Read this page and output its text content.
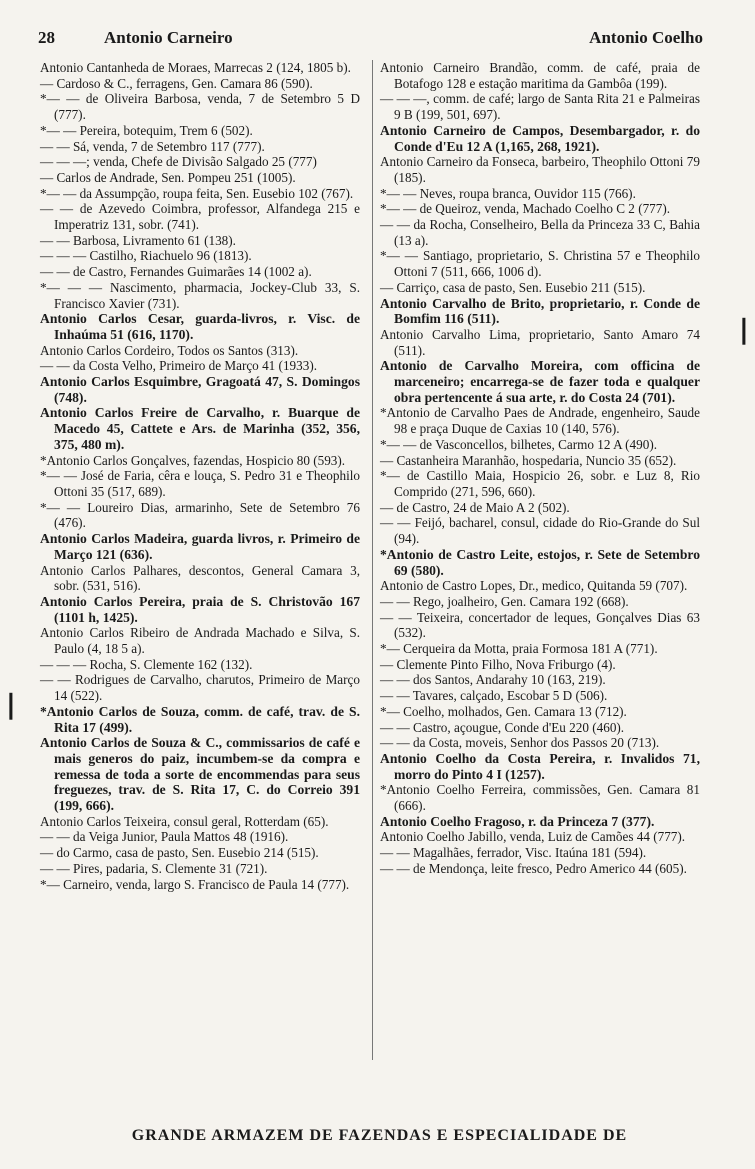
28	Antonio Carneiro	Antonio Coelho

Antonio Cantanheda de Moraes, Marrecas 2 (124, 1805 b).

— Cardoso & C., ferragens, Gen. Camara 86 (590).

*— — de Oliveira Barbosa, venda, 7 de Setembro 5 D (777).

*— — Pereira, botequim, Trem 6 (502).

— — Sá, venda, 7 de Setembro 117 (777).

— — —; venda, Chefe de Divisão Salgado 25 (777)

— Carlos de Andrade, Sen. Pompeu 251 (1005).

*— — da Assumpção, roupa feita, Sen. Eusebio 102 (767).

— — de Azevedo Coimbra, professor, Alfandega 215 e Imperatriz 131, sobr. (741).

— — Barbosa, Livramento 61 (138).

— — — Castilho, Riachuelo 96 (1813).

— — de Castro, Fernandes Guimarães 14 (1002 a).

*— — — Nascimento, pharmacia, Jockey-Club 33, S. Francisco Xavier (731).

Antonio Carlos Cesar, guarda-livros, r. Visc. de Inhaúma 51 (616, 1170).

Antonio Carlos Cordeiro, Todos os Santos (313).

— — da Costa Velho, Primeiro de Março 41 (1933).

Antonio Carlos Esquimbre, Gragoatá 47, S. Domingos (748).

Antonio Carlos Freire de Carvalho, r. Buarque de Macedo 45, Cattete e Ars. de Marinha (352, 356, 375, 480 m).

*Antonio Carlos Gonçalves, fazendas, Hospicio 80 (593).

*— — José de Faria, cêra e louça, S. Pedro 31 e Theophilo Ottoni 35 (517, 689).

*— — Loureiro Dias, armarinho, Sete de Setembro 76 (476).

Antonio Carlos Madeira, guarda livros, r. Primeiro de Março 121 (636).

Antonio Carlos Palhares, descontos, General Camara 3, sobr. (531, 516).

Antonio Carlos Pereira, praia de S. Christovão 167 (1101 h, 1425).

Antonio Carlos Ribeiro de Andrada Machado e Silva, S. Paulo (4, 18 5 a).

— — — Rocha, S. Clemente 162 (132).

— — Rodrigues de Carvalho, charutos, Primeiro de Março 14 (522).

*Antonio Carlos de Souza, comm. de café, trav. de S. Rita 17 (499).

Antonio Carlos de Souza & C., commissarios de café e mais generos do paiz, incumbem-se da compra e remessa de toda a sorte de encommendas para seus freguezes, trav. de S. Rita 17, C. do Correio 391 (199, 666).

Antonio Carlos Teixeira, consul geral, Rotterdam (65).

— — da Veiga Junior, Paula Mattos 48 (1916).

— do Carmo, casa de pasto, Sen. Eusebio 214 (515).

— — Pires, padaria, S. Clemente 31 (721).

*— Carneiro, venda, largo S. Francisco de Paula 14 (777).

Antonio Carneiro Brandão, comm. de café, praia de Botafogo 128 e estação maritima da Gambôa (199).

— — —, comm. de café; largo de Santa Rita 21 e Palmeiras 9 B (199, 501, 697).

Antonio Carneiro de Campos, Desembargador, r. do Conde d'Eu 12 A (1,165, 268, 1921).

Antonio Carneiro da Fonseca, barbeiro, Theophilo Ottoni 79 (185).

*— — Neves, roupa branca, Ouvidor 115 (766).

*— — de Queiroz, venda, Machado Coelho C 2 (777).

— — da Rocha, Conselheiro, Bella da Princeza 33 C, Bahia (13 a).

*— — Santiago, proprietario, S. Christina 57 e Theophilo Ottoni 7 (511, 666, 1006 d).

— Carriço, casa de pasto, Sen. Eusebio 211 (515).

Antonio Carvalho de Brito, proprietario, r. Conde de Bomfim 116 (511).

Antonio Carvalho Lima, proprietario, Santo Amaro 74 (511).

Antonio de Carvalho Moreira, com officina de marceneiro; encarrega-se de fazer toda e qualquer obra pertencente á sua arte, r. do Costa 24 (701).

*Antonio de Carvalho Paes de Andrade, engenheiro, Saude 98 e praça Duque de Caxias 10 (140, 576).

*— — de Vasconcellos, bilhetes, Carmo 12 A (490).

— Castanheira Maranhão, hospedaria, Nuncio 35 (652).

*— de Castillo Maia, Hospicio 26, sobr. e Luz 8, Rio Comprido (271, 596, 660).

— de Castro, 24 de Maio A 2 (502).

— — Feijó, bacharel, consul, cidade do Rio-Grande do Sul (94).

*Antonio de Castro Leite, estojos, r. Sete de Setembro 69 (580).

Antonio de Castro Lopes, Dr., medico, Quitanda 59 (707).

— — Rego, joalheiro, Gen. Camara 192 (668).

— — Teixeira, concertador de leques, Gonçalves Dias 63 (532).

*— Cerqueira da Motta, praia Formosa 181 A (771).

— Clemente Pinto Filho, Nova Friburgo (4).

— — dos Santos, Andarahy 10 (163, 219).

— — Tavares, calçado, Escobar 5 D (506).

*— Coelho, molhados, Gen. Camara 13 (712).

— — Castro, açougue, Conde d'Eu 220 (460).

— — da Costa, moveis, Senhor dos Passos 20 (713).

Antonio Coelho da Costa Pereira, r. Invalidos 71, morro do Pinto 4 I (1257).

*Antonio Coelho Ferreira, commissões, Gen. Camara 81 (666).

Antonio Coelho Fragoso, r. da Princeza 7 (377).

Antonio Coelho Jabillo, venda, Luiz de Camões 44 (777).

— — Magalhães, ferrador, Visc. Itaúna 181 (594).

— — de Mendonça, leite fresco, Pedro Americo 44 (605).

❘
❘
GRANDE ARMAZEM DE FAZENDAS E ESPECIALIDADE DE
